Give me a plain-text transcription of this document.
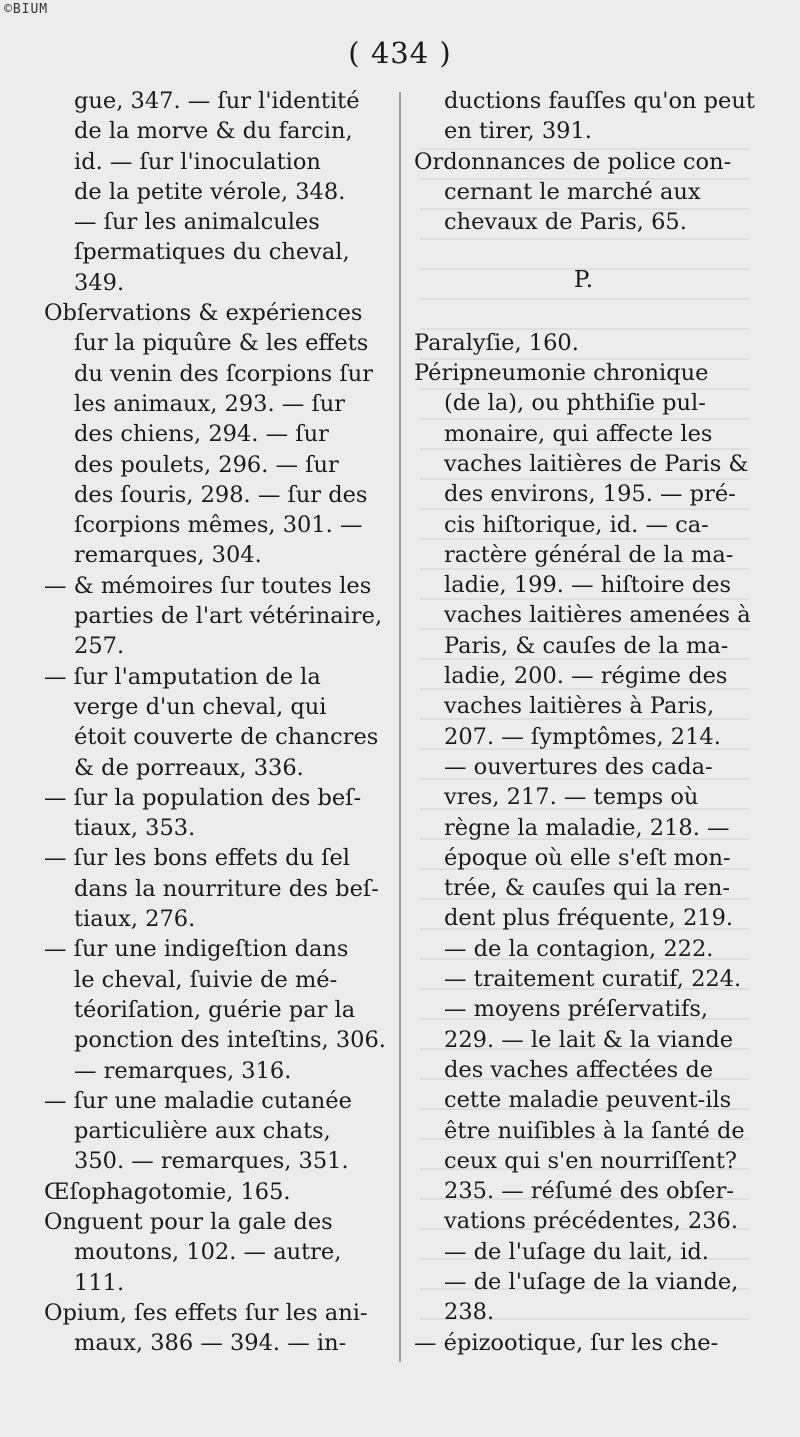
©BIUM
( 434 )
gue, 347. — ſur l'identité
de la morve & du farcin,
id. — ſur l'inoculation
de la petite vérole, 348.
— ſur les animalcules
ſpermatiques du cheval,
349.
Obſervations & expériences
ſur la piquûre & les effets
du venin des ſcorpions ſur
les animaux, 293. — ſur
des chiens, 294. — ſur
des poulets, 296. — ſur
des ſouris, 298. — ſur des
ſcorpions mêmes, 301. —
remarques, 304.
— & mémoires ſur toutes les
parties de l'art vétérinaire,
257.
— ſur l'amputation de la
verge d'un cheval, qui
étoit couverte de chancres
& de porreaux, 336.
— ſur la population des beſ-
tiaux, 353.
— ſur les bons effets du ſel
dans la nourriture des beſ-
tiaux, 276.
— ſur une indigeſtion dans
le cheval, ſuivie de mé-
téoriſation, guérie par la
ponction des inteſtins, 306.
— remarques, 316.
— ſur une maladie cutanée
particulière aux chats,
350. — remarques, 351.
Œſophagotomie, 165.
Onguent pour la gale des
moutons, 102. — autre,
111.
Opium, ſes effets ſur les ani-
maux, 386 — 394. — in-
ductions fauſſes qu'on peut
en tirer, 391.
Ordonnances de police con-
cernant le marché aux
chevaux de Paris, 65.
P.
Paralyſie, 160.
Péripneumonie chronique
(de la), ou phthiſie pul-
monaire, qui affecte les
vaches laitières de Paris &
des environs, 195. — pré-
cis hiſtorique, id. — ca-
ractère général de la ma-
ladie, 199. — hiſtoire des
vaches laitières amenées à
Paris, & cauſes de la ma-
ladie, 200. — régime des
vaches laitières à Paris,
207. — ſymptômes, 214.
— ouvertures des cada-
vres, 217. — temps où
règne la maladie, 218. —
époque où elle s'eſt mon-
trée, & cauſes qui la ren-
dent plus fréquente, 219.
— de la contagion, 222.
— traitement curatif, 224.
— moyens préſervatifs,
229. — le lait & la viande
des vaches affectées de
cette maladie peuvent-ils
être nuiſibles à la ſanté de
ceux qui s'en nourriſſent?
235. — réſumé des obſer-
vations précédentes, 236.
— de l'uſage du lait, id.
— de l'uſage de la viande,
238.
— épizootique, ſur les che-
